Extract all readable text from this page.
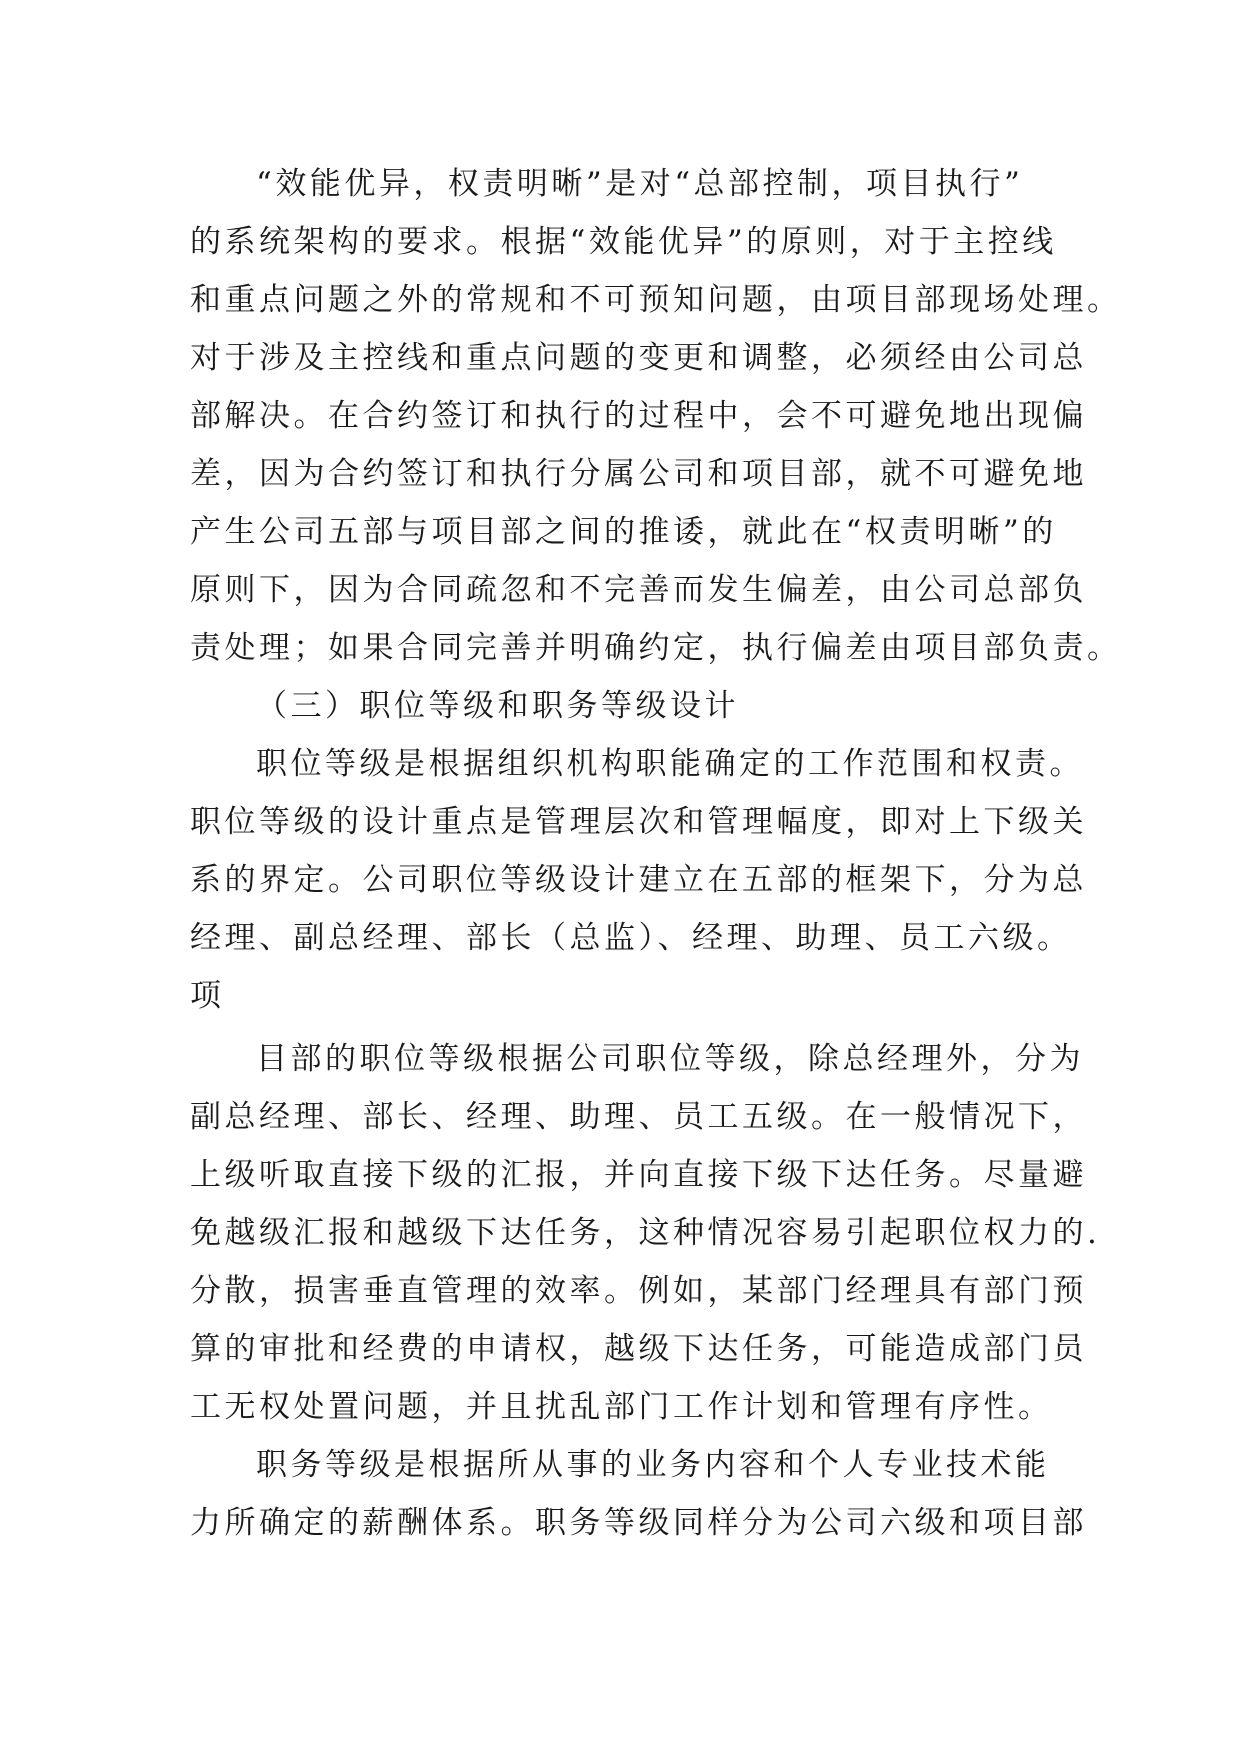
“效能优异，权责明晰”是对“总部控制，项目执行”
的系统架构的要求。根据“效能优异”的原则，对于主控线
和重点问题之外的常规和不可预知问题，由项目部现场处理。
对于涉及主控线和重点问题的变更和调整，必须经由公司总
部解决。在合约签订和执行的过程中，会不可避免地出现偏
差，因为合约签订和执行分属公司和项目部，就不可避免地
产生公司五部与项目部之间的推诿，就此在“权责明晰”的
原则下，因为合同疏忽和不完善而发生偏差，由公司总部负
责处理；如果合同完善并明确约定，执行偏差由项目部负责。
（三）职位等级和职务等级设计
职位等级是根据组织机构职能确定的工作范围和权责。
职位等级的设计重点是管理层次和管理幅度，即对上下级关
系的界定。公司职位等级设计建立在五部的框架下，分为总
经理、副总经理、部长（总监）、经理、助理、员工六级。
项
目部的职位等级根据公司职位等级，除总经理外，分为
副总经理、部长、经理、助理、员工五级。在一般情况下，
上级听取直接下级的汇报，并向直接下级下达任务。尽量避
免越级汇报和越级下达任务，这种情况容易引起职位权力的.
分散，损害垂直管理的效率。例如，某部门经理具有部门预
算的审批和经费的申请权，越级下达任务，可能造成部门员
工无权处置问题，并且扰乱部门工作计划和管理有序性。
职务等级是根据所从事的业务内容和个人专业技术能
力所确定的薪酬体系。职务等级同样分为公司六级和项目部
